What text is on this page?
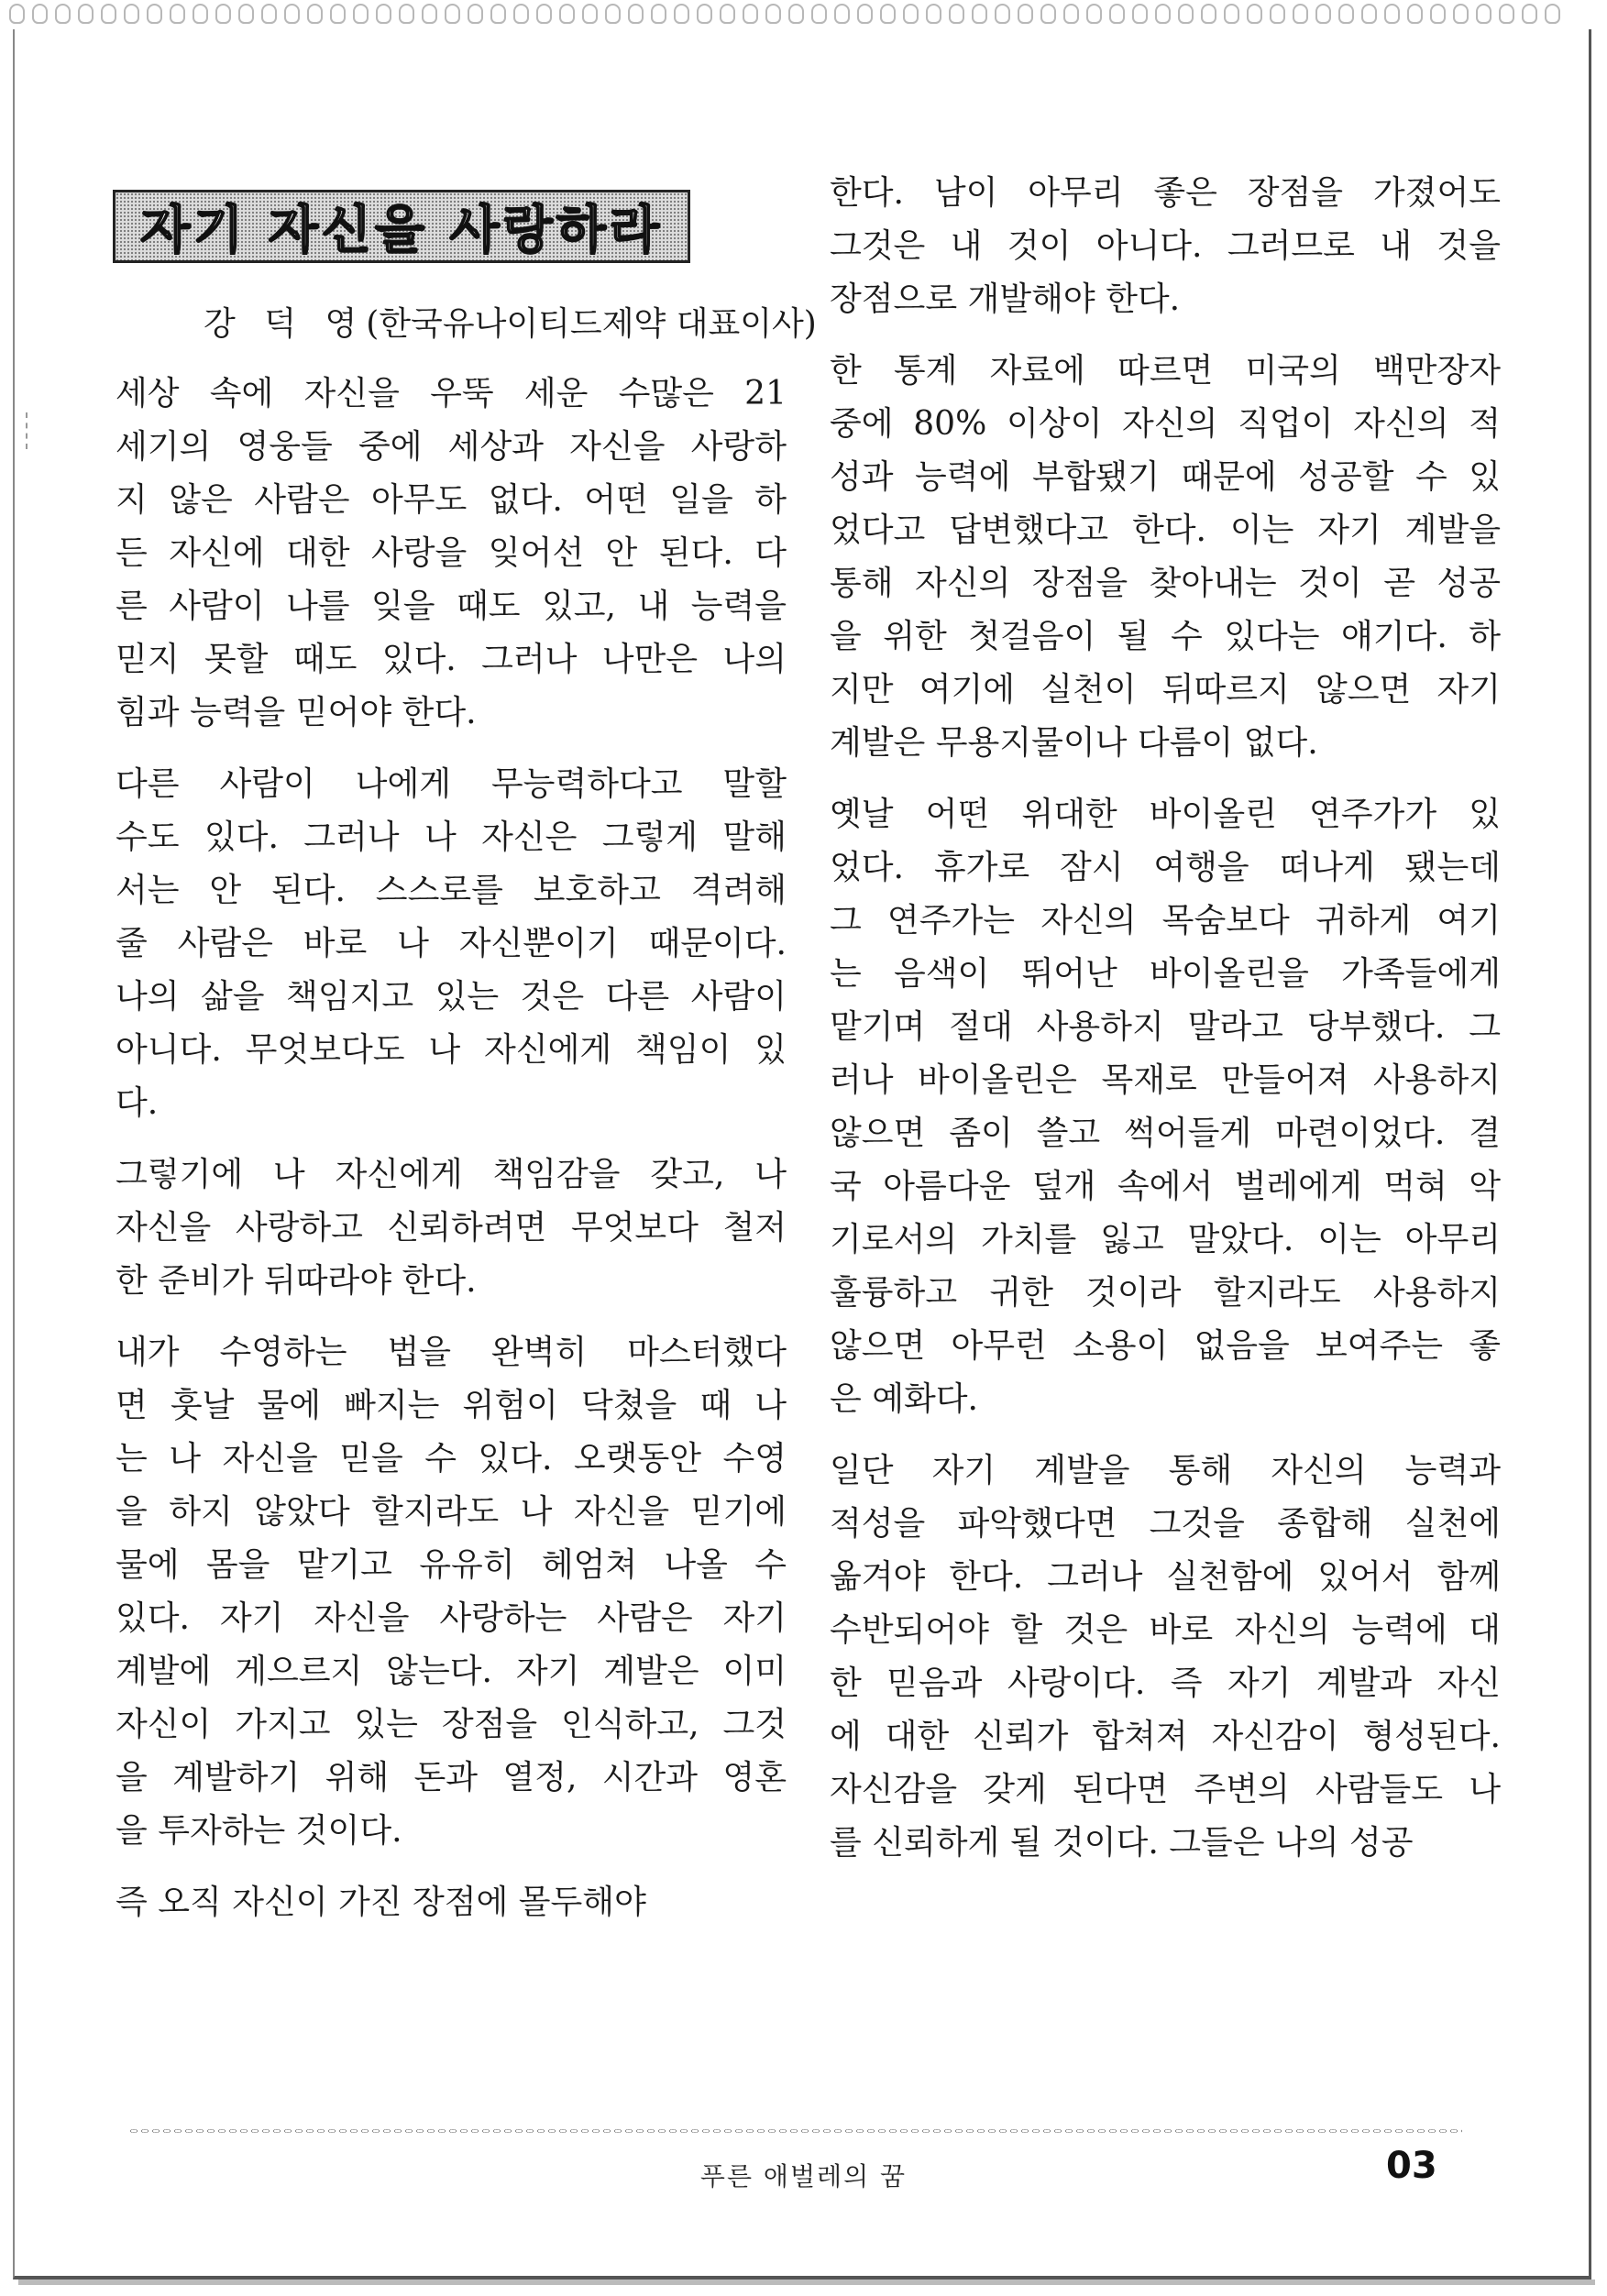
자기 자신을 사랑하라
강 덕 영(한국유나이티드제약 대표이사)
세상 속에 자신을 우뚝 세운 수많은 21
세기의 영웅들 중에 세상과 자신을 사랑하
지 않은 사람은 아무도 없다. 어떤 일을 하
든 자신에 대한 사랑을 잊어선 안 된다. 다
른 사람이 나를 잊을 때도 있고, 내 능력을
믿지 못할 때도 있다. 그러나 나만은 나의
힘과 능력을 믿어야 한다.
다른 사람이 나에게 무능력하다고 말할
수도 있다. 그러나 나 자신은 그렇게 말해
서는 안 된다. 스스로를 보호하고 격려해
줄 사람은 바로 나 자신뿐이기 때문이다.
나의 삶을 책임지고 있는 것은 다른 사람이
아니다. 무엇보다도 나 자신에게 책임이 있
다.
그렇기에 나 자신에게 책임감을 갖고, 나
자신을 사랑하고 신뢰하려면 무엇보다 철저
한 준비가 뒤따라야 한다.
내가 수영하는 법을 완벽히 마스터했다
면 훗날 물에 빠지는 위험이 닥쳤을 때 나
는 나 자신을 믿을 수 있다. 오랫동안 수영
을 하지 않았다 할지라도 나 자신을 믿기에
물에 몸을 맡기고 유유히 헤엄쳐 나올 수
있다. 자기 자신을 사랑하는 사람은 자기
계발에 게으르지 않는다. 자기 계발은 이미
자신이 가지고 있는 장점을 인식하고, 그것
을 계발하기 위해 돈과 열정, 시간과 영혼
을 투자하는 것이다.
즉 오직 자신이 가진 장점에 몰두해야
한다. 남이 아무리 좋은 장점을 가졌어도
그것은 내 것이 아니다. 그러므로 내 것을
장점으로 개발해야 한다.
한 통계 자료에 따르면 미국의 백만장자
중에 80% 이상이 자신의 직업이 자신의 적
성과 능력에 부합됐기 때문에 성공할 수 있
었다고 답변했다고 한다. 이는 자기 계발을
통해 자신의 장점을 찾아내는 것이 곧 성공
을 위한 첫걸음이 될 수 있다는 얘기다. 하
지만 여기에 실천이 뒤따르지 않으면 자기
계발은 무용지물이나 다름이 없다.
옛날 어떤 위대한 바이올린 연주가가 있
었다. 휴가로 잠시 여행을 떠나게 됐는데
그 연주가는 자신의 목숨보다 귀하게 여기
는 음색이 뛰어난 바이올린을 가족들에게
맡기며 절대 사용하지 말라고 당부했다. 그
러나 바이올린은 목재로 만들어져 사용하지
않으면 좀이 쓸고 썩어들게 마련이었다. 결
국 아름다운 덮개 속에서 벌레에게 먹혀 악
기로서의 가치를 잃고 말았다. 이는 아무리
훌륭하고 귀한 것이라 할지라도 사용하지
않으면 아무런 소용이 없음을 보여주는 좋
은 예화다.
일단 자기 계발을 통해 자신의 능력과
적성을 파악했다면 그것을 종합해 실천에
옮겨야 한다. 그러나 실천함에 있어서 함께
수반되어야 할 것은 바로 자신의 능력에 대
한 믿음과 사랑이다. 즉 자기 계발과 자신
에 대한 신뢰가 합쳐져 자신감이 형성된다.
자신감을 갖게 된다면 주변의 사람들도 나
를 신뢰하게 될 것이다. 그들은 나의 성공
푸른 애벌레의 꿈	03
